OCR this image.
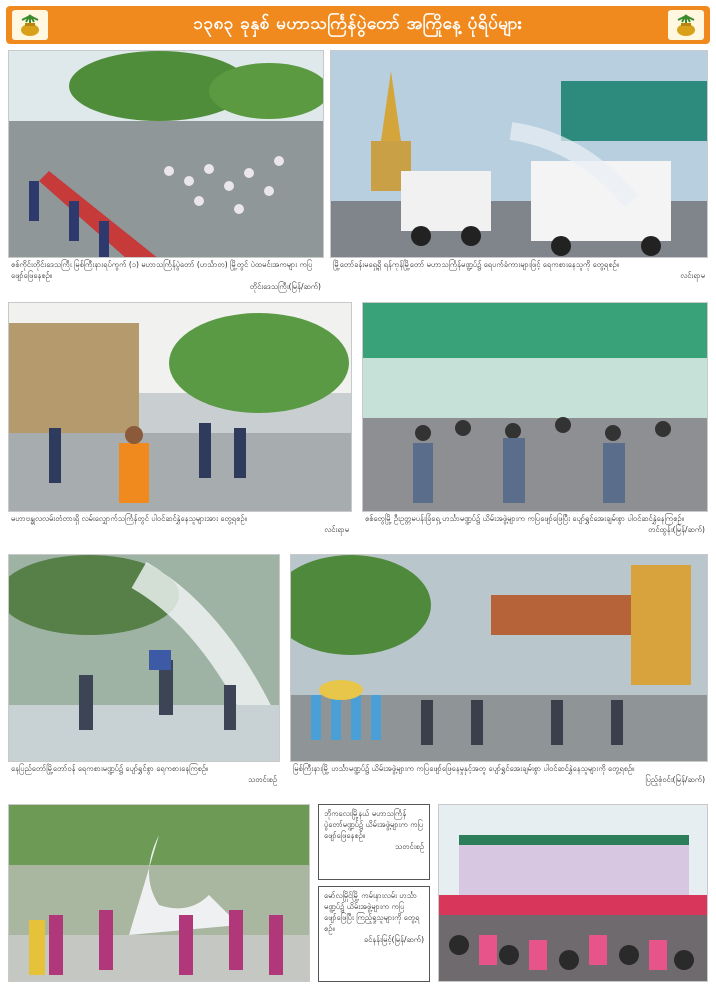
၁၃၈၃ ခုနှစ် မဟာသင်္ကြန်ပွဲတော် အကြိုနေ့ ပုံရိပ်များ
စစ်ကိုင်းတိုင်းဒေသကြီး မြစ်ကြီးနားရပ်ကွက် (၁) မဟာသင်္ကြန်ပွဲတော် (ဟင်္သာတ) မြို့တွင် ပဲထမင်းအကများ ကပြဖျော်ဖြေနေစဉ်။
တိုင်းဒေသကြီး(မြန်/ဆက်)
မြို့တော်ခန်းမရှေ့ရှိ ရန်ကုန်မြို့တော် မဟာသင်္ကြန်မဏ္ဍပ်၌ ရေပက်ခံကားများဖြင့် ရေကစားနေသူကို တွေ့ရစဉ်။
လင်းရာမ
မဟာဗန္ဓုလလမ်းတံတားရှိ လမ်းလျှောက်သင်္ကြန်တွင် ပါဝင်ဆင်နွှဲနေသူများအား တွေ့ရစဉ်။
လင်းရာမ
စစ်တွေမြို့ ဦးဥတ္တမပန်းခြံရှေ့ ဟင်္သာမဏ္ဍပ်၌ ယိမ်းအဖွဲ့များက ကပြဖျော်ဖြေပြီး ပျော်ရွှင်အေးချမ်းစွာ ပါဝင်ဆင်နွှဲနေကြစဉ်။
တင်ထွန်း(မြန်/ဆက်)
နေပြည်တော်မြို့တော်ဝန် ရေကစားမဏ္ဍပ်၌ ပျော်ရွှင်စွာ ရေကစားနေကြစဉ်။
သတင်းစဉ်
မြစ်ကြီးနားမြို့ ဟင်္သာမဏ္ဍပ်၌ ယိမ်းအဖွဲ့များက ကပြဖျော်ဖြေနေမှုနှင့်အတူ ပျော်ရွှင်အေးချမ်းစွာ ပါဝင်ဆင်နွှဲနေသူများကို တွေ့ရစဉ်။
ပြည့်စုံဝင်း(မြန်/ဆက်)
ဘိုကလေးမြို့နယ် မဟာသင်္ကြန်ပွဲတော်မဏ္ဍပ်၌ ယိမ်းအဖွဲ့များက ကပြဖျော်ဖြေနေစဉ်။
သတင်းစဉ်
မော်လမြိုင်မြို့ ကမ်းနားလမ်း ဟင်္သာမဏ္ဍပ်၌ ယိမ်းအဖွဲ့များက ကပြဖျော်ဖြေပြီး ကြည့်ရှုသူများကို တွေ့ရစဉ်။
ခင်နန်းမြင့်(မြန်/ဆက်)
